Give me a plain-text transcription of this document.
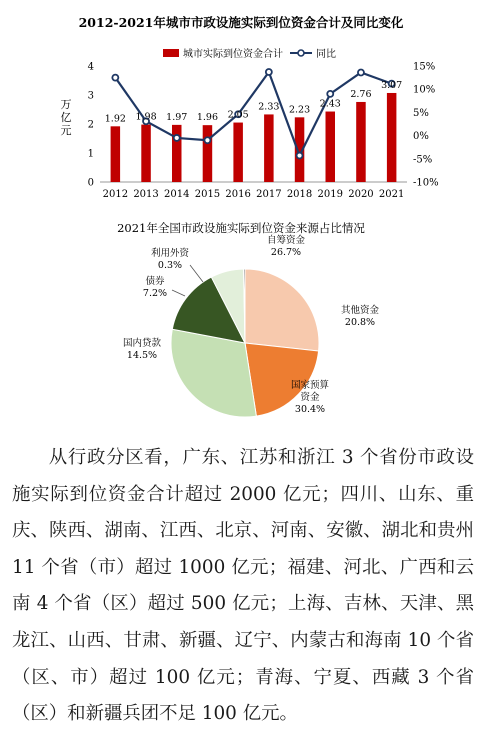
2012-2021年城市市政设施实际到位资金合计及同比变化
城市实际到位资金合计	同比
0
1
2
3
4
-10%
-5%
0%
5%
10%
15%
2012 2013 2014 2015 2016 2017 2018 2019 2020 2021
万
亿
元
1.92 1.98 1.97 1.96 2.05
2.33 2.23
2.43
2.76
3.07
2021年全国市政设施实际到位资金来源占比情况
自筹资金
26.7%
其他资金
20.8%
国家预算
资金
30.4%
国内贷款
14.5%
债券
7.2%
利用外资
0.3%
从行政分区看，广东、江苏和浙江 3 个省份市政设施实际到位资金合计超过 2000 亿元；四川、山东、重庆、陕西、湖南、江西、北京、河南、安徽、湖北和贵州 11 个省（市）超过 1000 亿元；福建、河北、广西和云南 4 个省（区）超过 500 亿元；上海、吉林、天津、黑龙江、山西、甘肃、新疆、辽宁、内蒙古和海南 10 个省（区、市）超过 100 亿元；青海、宁夏、西藏 3 个省（区）和新疆兵团不足 100 亿元。
